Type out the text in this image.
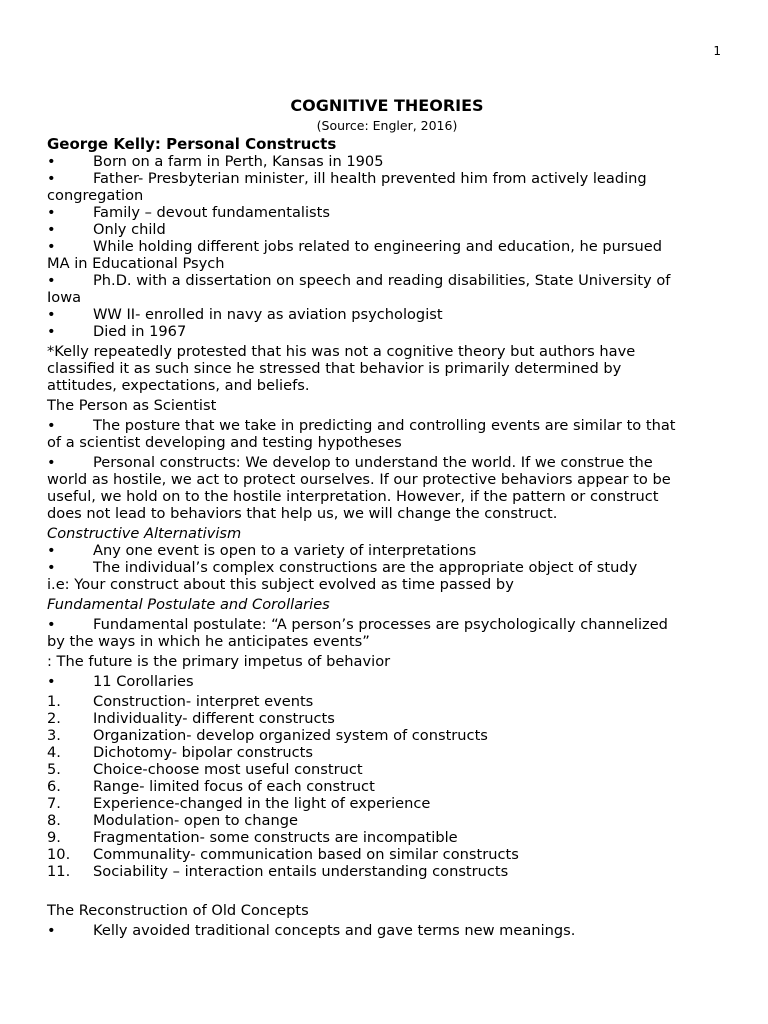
1

COGNITIVE THEORIES

(Source: Engler, 2016)

George Kelly: Personal Constructs

•	Born on a farm in Perth, Kansas in 1905

•	Father- Presbyterian minister, ill health prevented him from actively leading

congregation

•	Family – devout fundamentalists

•	Only child

•	While holding different jobs related to engineering and education, he pursued

MA in Educational Psych

•	Ph.D. with a dissertation on speech and reading disabilities, State University of

Iowa

•	WW II- enrolled in navy as aviation psychologist

•	Died in 1967

*Kelly repeatedly protested that his was not a cognitive theory but authors have

classified it as such since he stressed that behavior is primarily determined by

attitudes, expectations, and beliefs.

The Person as Scientist

•	The posture that we take in predicting and controlling events are similar to that

of a scientist developing and testing hypotheses

•	Personal constructs: We develop to understand the world. If we construe the

world as hostile, we act to protect ourselves. If our protective behaviors appear to be

useful, we hold on to the hostile interpretation. However, if the pattern or construct

does not lead to behaviors that help us, we will change the construct.

Constructive Alternativism

•	Any one event is open to a variety of interpretations

•	The individual’s complex constructions are the appropriate object of study

i.e: Your construct about this subject evolved as time passed by

Fundamental Postulate and Corollaries

•	Fundamental postulate: “A person’s processes are psychologically channelized

by the ways in which he anticipates events”

: The future is the primary impetus of behavior

•	11 Corollaries

1. Construction- interpret events

2. Individuality- different constructs

3. Organization- develop organized system of constructs

4. Dichotomy- bipolar constructs

5. Choice-choose most useful construct

6. Range- limited focus of each construct

7. Experience-changed in the light of experience

8. Modulation- open to change

9. Fragmentation- some constructs are incompatible

10. Communality- communication based on similar constructs

11. Sociability – interaction entails understanding constructs

The Reconstruction of Old Concepts

•	Kelly avoided traditional concepts and gave terms new meanings.
